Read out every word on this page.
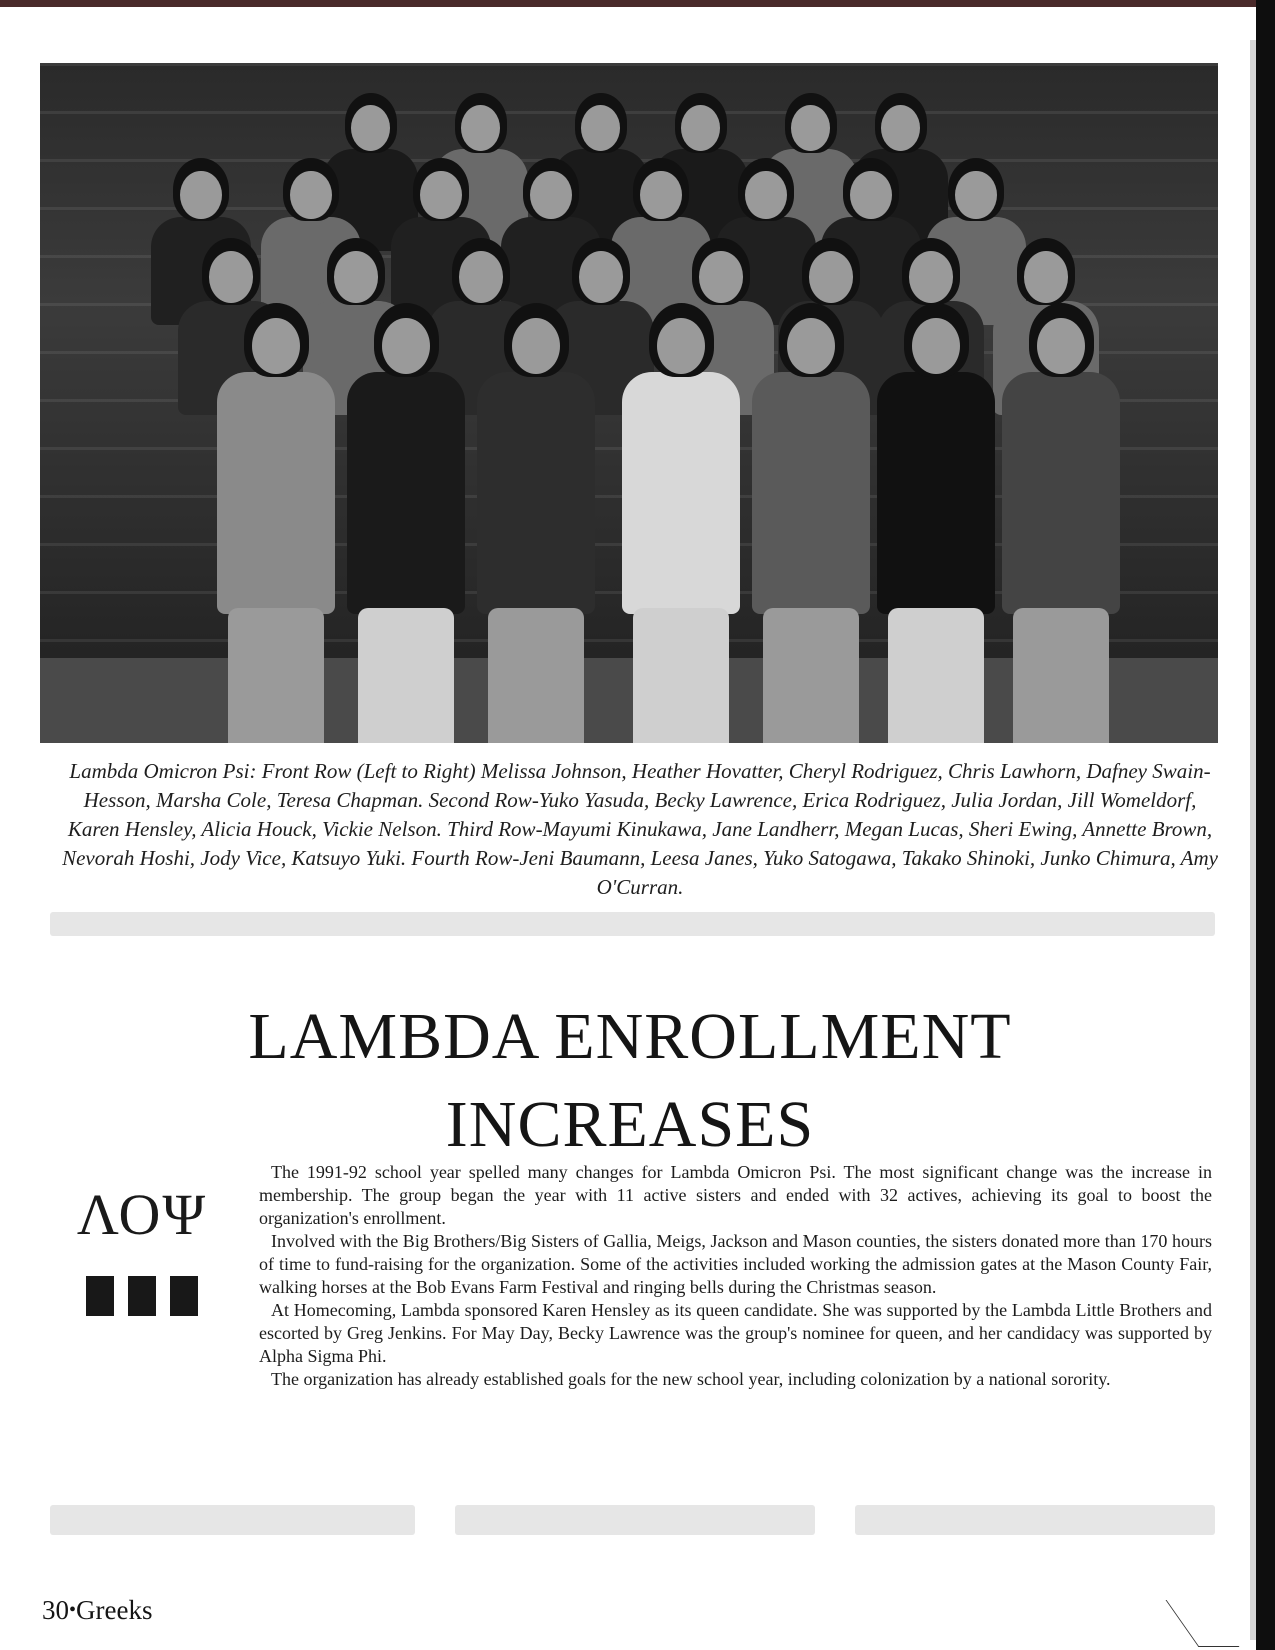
Lambda Omicron Psi: Front Row (Left to Right) Melissa Johnson, Heather Hovatter, Cheryl Rodriguez, Chris Lawhorn, Dafney Swain-Hesson, Marsha Cole, Teresa Chapman. Second Row-Yuko Yasuda, Becky Lawrence, Erica Rodriguez, Julia Jordan, Jill Womeldorf, Karen Hensley, Alicia Houck, Vickie Nelson. Third Row-Mayumi Kinukawa, Jane Landherr, Megan Lucas, Sheri Ewing, Annette Brown, Nevorah Hoshi, Jody Vice, Katsuyo Yuki. Fourth Row-Jeni Baumann, Leesa Janes, Yuko Satogawa, Takako Shinoki, Junko Chimura, Amy O'Curran.
LAMBDA ENROLLMENT
INCREASES
ΛΟΨ

The 1991-92 school year spelled many changes for Lambda Omicron Psi. The most significant change was the increase in membership. The group began the year with 11 active sisters and ended with 32 actives, achieving its goal to boost the organization's enrollment.

Involved with the Big Brothers/Big Sisters of Gallia, Meigs, Jackson and Mason counties, the sisters donated more than 170 hours of time to fund-raising for the organization. Some of the activities included working the admission gates at the Mason County Fair, walking horses at the Bob Evans Farm Festival and ringing bells during the Christmas season.

At Homecoming, Lambda sponsored Karen Hensley as its queen candidate. She was supported by the Lambda Little Brothers and escorted by Greg Jenkins. For May Day, Becky Lawrence was the group's nominee for queen, and her candidacy was supported by Alpha Sigma Phi.

The organization has already established goals for the new school year, including colonization by a national sorority.

30•Greeks
